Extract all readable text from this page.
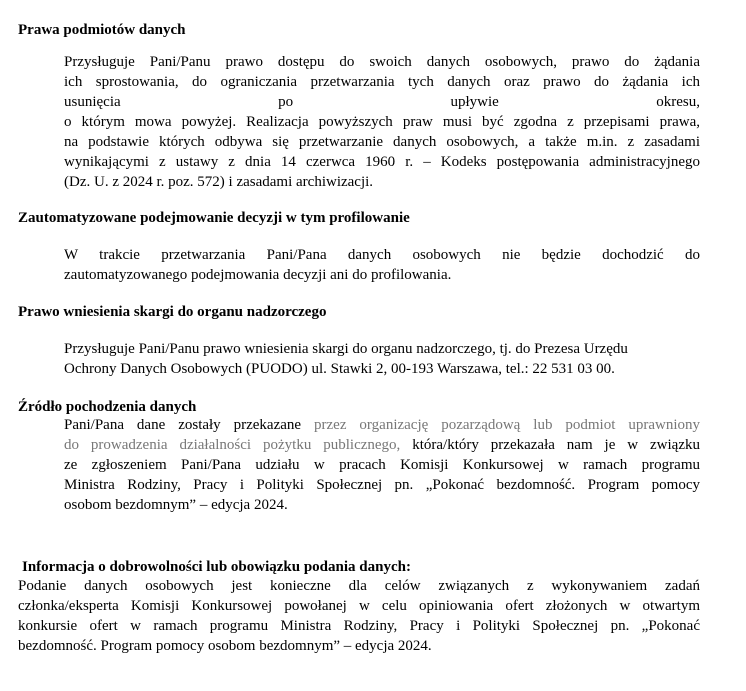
Prawa podmiotów danych
Przysługuje Pani/Panu prawo dostępu do swoich danych osobowych, prawo do żądania
ich sprostowania, do ograniczania przetwarzania tych danych oraz prawo do żądania ich
usunięcia po upływie okresu,
o którym mowa powyżej. Realizacja powyższych praw musi być zgodna z przepisami prawa,
na podstawie których odbywa się przetwarzanie danych osobowych, a także m.in. z zasadami
wynikającymi z ustawy z dnia 14 czerwca 1960 r. – Kodeks postępowania administracyjnego
(Dz. U. z 2024 r. poz. 572) i zasadami archiwizacji.
Zautomatyzowane podejmowanie decyzji w tym profilowanie
W trakcie przetwarzania Pani/Pana danych osobowych nie będzie dochodzić do
zautomatyzowanego podejmowania decyzji ani do profilowania.
Prawo wniesienia skargi do organu nadzorczego
Przysługuje Pani/Panu prawo wniesienia skargi do organu nadzorczego, tj. do Prezesa Urzędu
Ochrony Danych Osobowych (PUODO) ul. Stawki 2, 00-193 Warszawa, tel.: 22 531 03 00.
Źródło pochodzenia danych
Pani/Pana dane zostały przekazane przez organizację pozarządową lub podmiot uprawniony
do prowadzenia działalności pożytku publicznego, która/który przekazała nam je w związku
ze zgłoszeniem Pani/Pana udziału w pracach Komisji Konkursowej w ramach programu
Ministra Rodziny, Pracy i Polityki Społecznej pn. „Pokonać bezdomność. Program pomocy
osobom bezdomnym” – edycja 2024.
Informacja o dobrowolności lub obowiązku podania danych:
Podanie danych osobowych jest konieczne dla celów związanych z wykonywaniem zadań
członka/eksperta Komisji Konkursowej powołanej w celu opiniowania ofert złożonych w otwartym
konkursie ofert w ramach programu Ministra Rodziny, Pracy i Polityki Społecznej pn. „Pokonać
bezdomność. Program pomocy osobom bezdomnym” – edycja 2024.
